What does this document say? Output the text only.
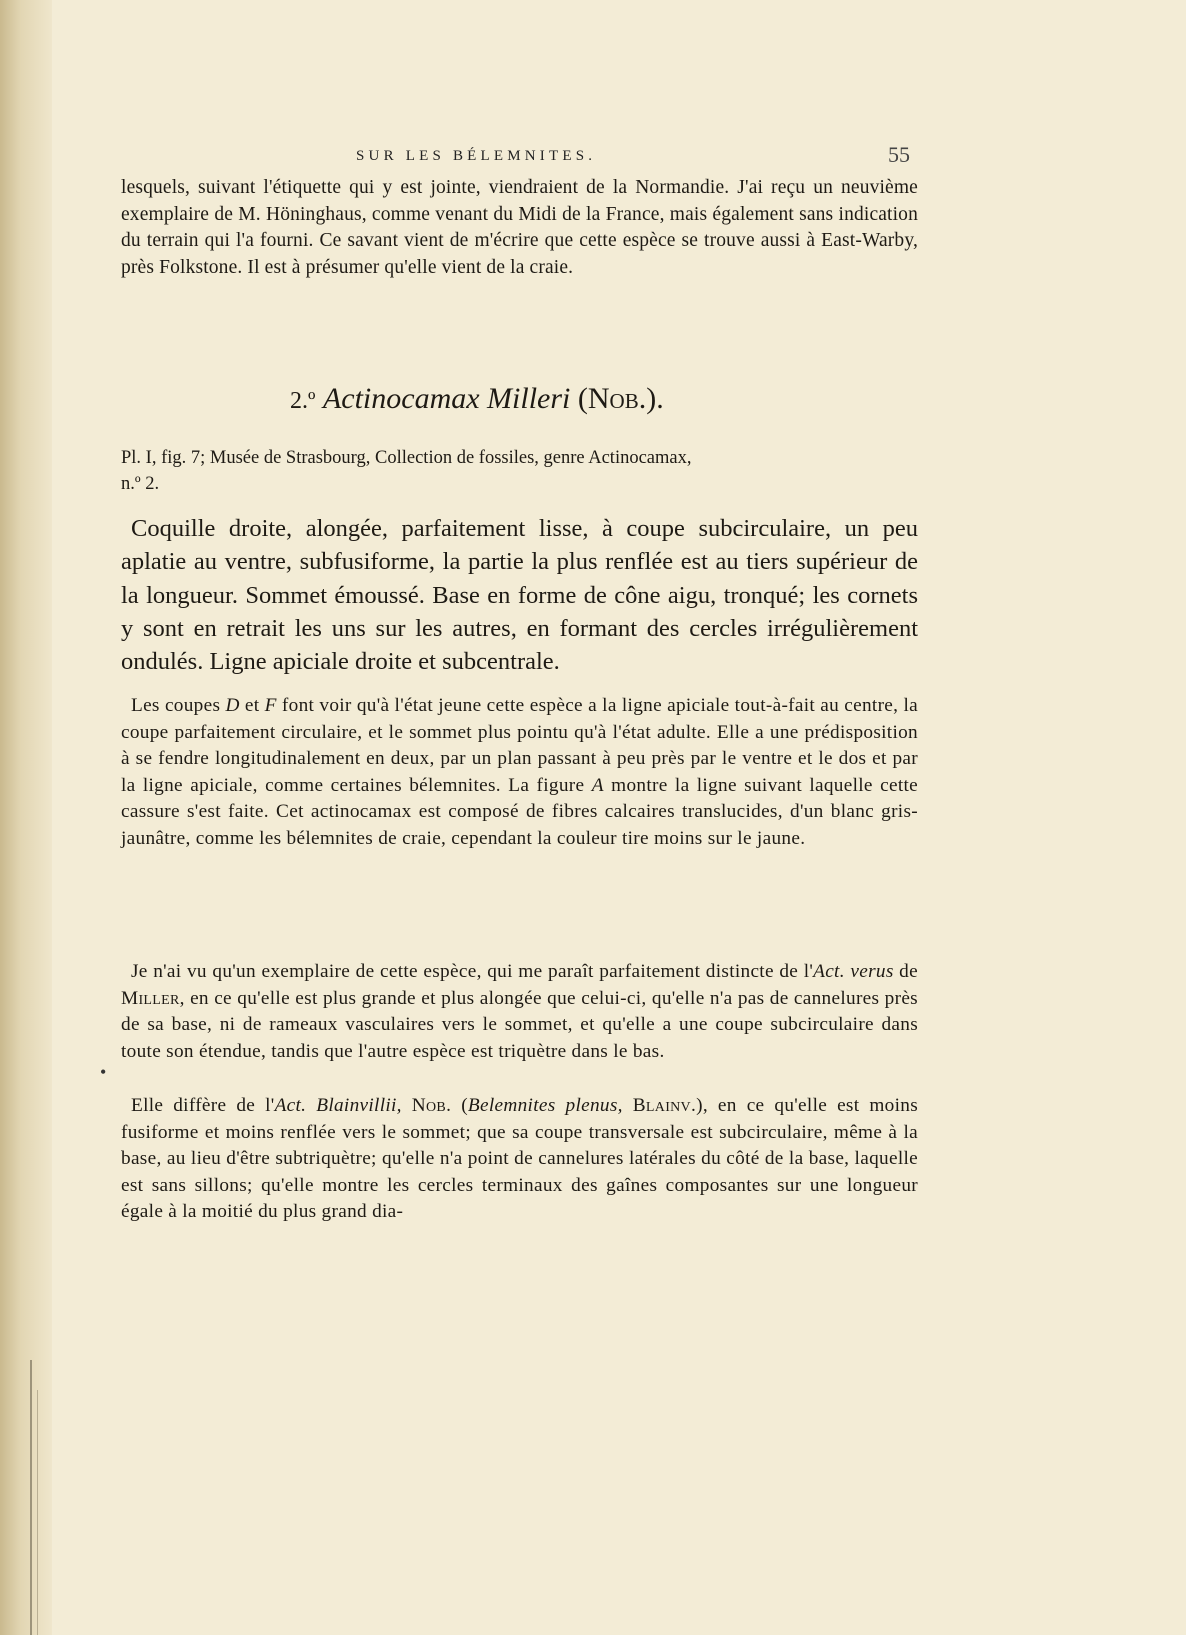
•
SUR LES BÉLEMNITES.	55

lesquels, suivant l'étiquette qui y est jointe, viendraient de la Normandie. J'ai reçu un neuvième exemplaire de M. Höninghaus, comme venant du Midi de la France, mais également sans indication du terrain qui l'a fourni. Ce savant vient de m'écrire que cette espèce se trouve aussi à East-Warby, près Folkstone. Il est à présumer qu'elle vient de la craie.

2.º Actinocamax Milleri (Nob.).

Pl. I, fig. 7; Musée de Strasbourg, Collection de fossiles, genre Actinocamax,
n.º 2.

Coquille droite, alongée, parfaitement lisse, à coupe subcirculaire, un peu aplatie au ventre, subfusiforme, la partie la plus renflée est au tiers supérieur de la longueur. Sommet émoussé. Base en forme de cône aigu, tronqué; les cornets y sont en retrait les uns sur les autres, en formant des cercles irrégulièrement ondulés. Ligne apiciale droite et subcentrale.

Les coupes D et F font voir qu'à l'état jeune cette espèce a la ligne apiciale tout-à-fait au centre, la coupe parfaitement circulaire, et le sommet plus pointu qu'à l'état adulte. Elle a une prédisposition à se fendre longitudinalement en deux, par un plan passant à peu près par le ventre et le dos et par la ligne apiciale, comme certaines bélemnites. La figure A montre la ligne suivant laquelle cette cassure s'est faite. Cet actinocamax est composé de fibres calcaires translucides, d'un blanc gris-jaunâtre, comme les bélemnites de craie, cependant la couleur tire moins sur le jaune.

Je n'ai vu qu'un exemplaire de cette espèce, qui me paraît parfaitement distincte de l'Act. verus de Miller, en ce qu'elle est plus grande et plus alongée que celui-ci, qu'elle n'a pas de cannelures près de sa base, ni de rameaux vasculaires vers le sommet, et qu'elle a une coupe subcirculaire dans toute son étendue, tandis que l'autre espèce est triquètre dans le bas.

Elle diffère de l'Act. Blainvillii, Nob. (Belemnites plenus, Blainv.), en ce qu'elle est moins fusiforme et moins renflée vers le sommet; que sa coupe transversale est subcirculaire, même à la base, au lieu d'être subtriquètre; qu'elle n'a point de cannelures latérales du côté de la base, laquelle est sans sillons; qu'elle montre les cercles terminaux des gaînes composantes sur une longueur égale à la moitié du plus grand dia-
